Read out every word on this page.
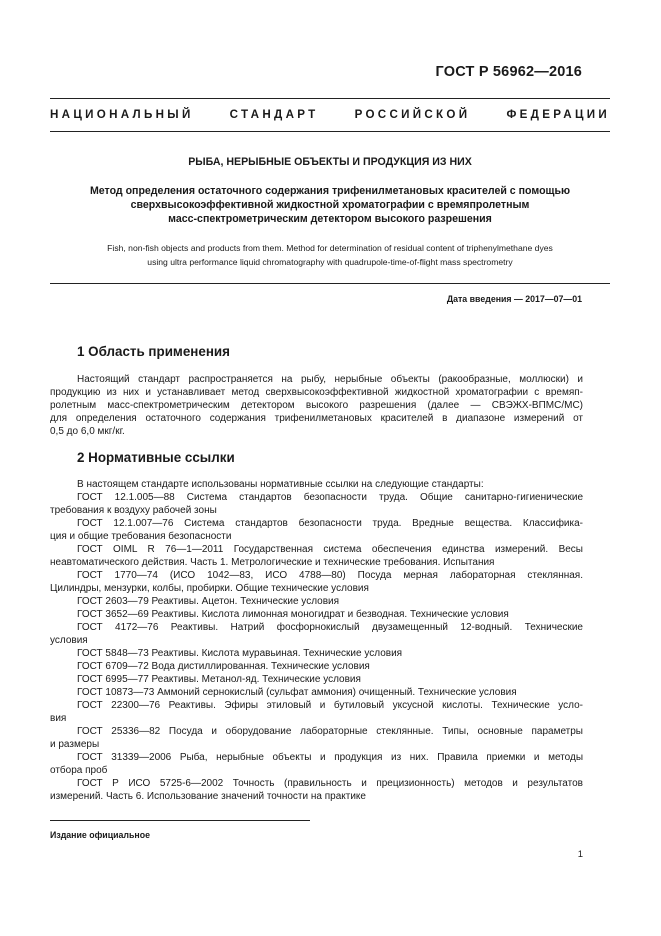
ГОСТ Р 56962—2016
НАЦИОНАЛЬНЫЙ СТАНДАРТ РОССИЙСКОЙ ФЕДЕРАЦИИ
РЫБА, НЕРЫБНЫЕ ОБЪЕКТЫ И ПРОДУКЦИЯ ИЗ НИХ
Метод определения остаточного содержания трифенилметановых красителей с помощью
сверхвысокоэффективной жидкостной хроматографии с времяпролетным
масс-спектрометрическим детектором высокого разрешения
Fish, non-fish objects and products from them. Method for determination of residual content of triphenylmethane dyes
using ultra performance liquid chromatography with quadrupole-time-of-flight mass spectrometry
Дата введения — 2017—07—01
1 Область применения
Настоящий стандарт распространяется на рыбу, нерыбные объекты (ракообразные, моллюски) и
продукцию из них и устанавливает метод сверхвысокоэффективной жидкостной хроматографии с времяп-
ролетным масс-спектрометрическим детектором высокого разрешения (далее — СВЭЖХ-ВПМС/МС)
для определения остаточного содержания трифенилметановых красителей в диапазоне измерений от
0,5 до 6,0 мкг/кг.
2 Нормативные ссылки
В настоящем стандарте использованы нормативные ссылки на следующие стандарты:
ГОСТ 12.1.005—88 Система стандартов безопасности труда. Общие санитарно-гигиенические
требования к воздуху рабочей зоны
ГОСТ 12.1.007—76 Система стандартов безопасности труда. Вредные вещества. Классифика-
ция и общие требования безопасности
ГОСТ OIML R 76—1—2011 Государственная система обеспечения единства измерений. Весы
неавтоматического действия. Часть 1. Метрологические и технические требования. Испытания
ГОСТ 1770—74 (ИСО 1042—83, ИСО 4788—80) Посуда мерная лабораторная стеклянная.
Цилиндры, мензурки, колбы, пробирки. Общие технические условия
ГОСТ 2603—79 Реактивы. Ацетон. Технические условия
ГОСТ 3652—69 Реактивы. Кислота лимонная моногидрат и безводная. Технические условия
ГОСТ 4172—76 Реактивы. Натрий фосфорнокислый двузамещенный 12-водный. Технические
условия
ГОСТ 5848—73 Реактивы. Кислота муравьиная. Технические условия
ГОСТ 6709—72 Вода дистиллированная. Технические условия
ГОСТ 6995—77 Реактивы. Метанол-яд. Технические условия
ГОСТ 10873—73 Аммоний сернокислый (сульфат аммония) очищенный. Технические условия
ГОСТ 22300—76 Реактивы. Эфиры этиловый и бутиловый уксусной кислоты. Технические усло-
вия
ГОСТ 25336—82 Посуда и оборудование лабораторные стеклянные. Типы, основные параметры
и размеры
ГОСТ 31339—2006 Рыба, нерыбные объекты и продукция из них. Правила приемки и методы
отбора проб
ГОСТ Р ИСО 5725-6—2002 Точность (правильность и прецизионность) методов и результатов
измерений. Часть 6. Использование значений точности на практике
Издание официальное
1
